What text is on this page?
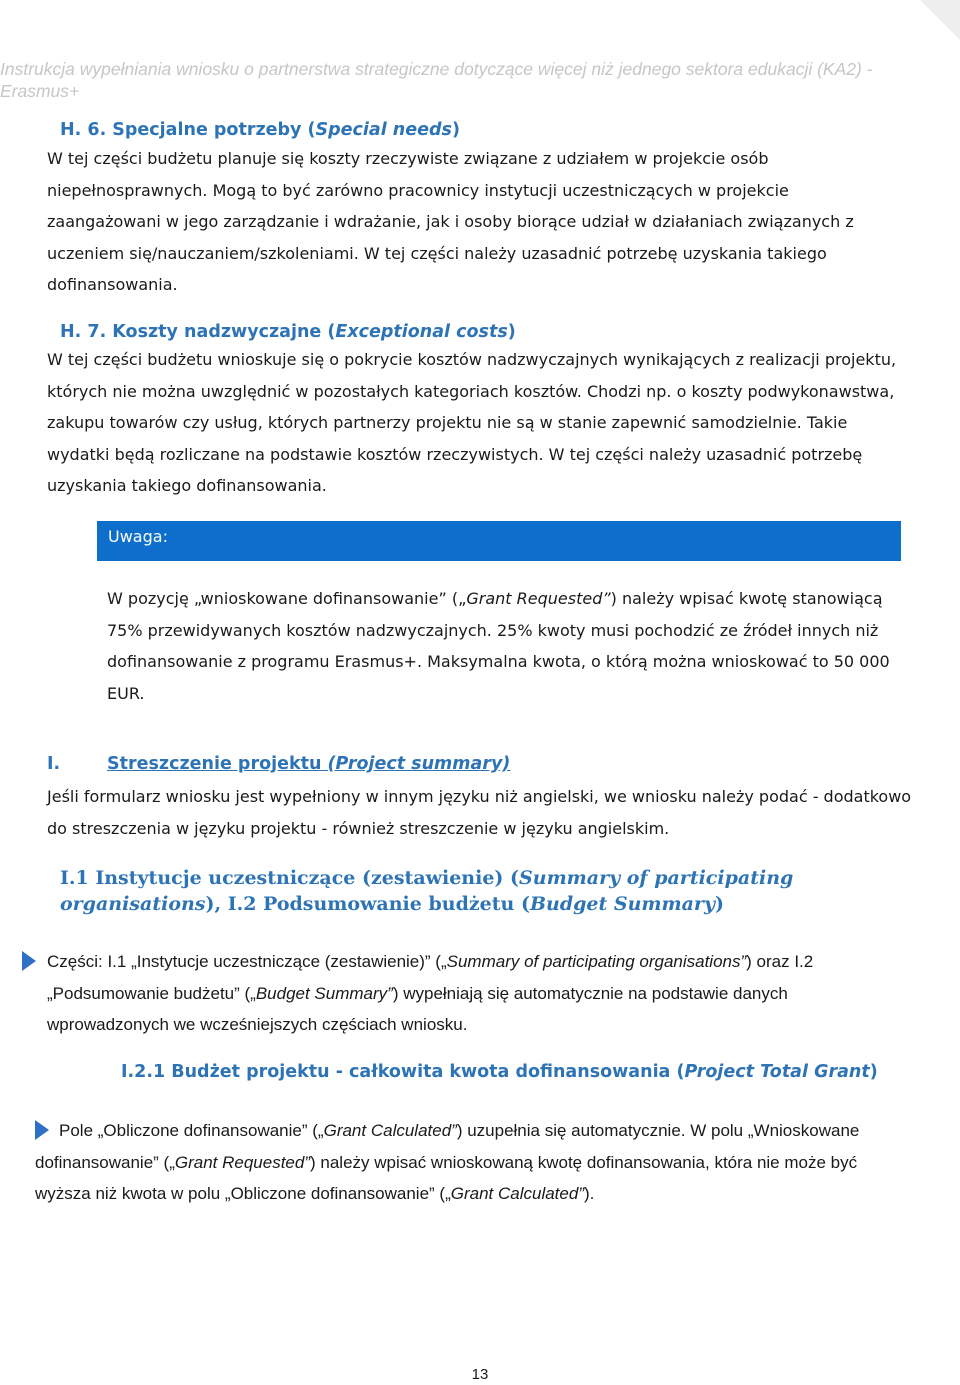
Instrukcja wypełniania wniosku o partnerstwa strategiczne dotyczące więcej niż jednego sektora edukacji (KA2) - Erasmus+
H. 6. Specjalne potrzeby (Special needs)

W tej części budżetu planuje się koszty rzeczywiste związane z udziałem w projekcie osób niepełnosprawnych. Mogą to być zarówno pracownicy instytucji uczestniczących w projekcie zaangażowani w jego zarządzanie i wdrażanie, jak i osoby biorące udział w działaniach związanych z uczeniem się/nauczaniem/szkoleniami. W tej części należy uzasadnić potrzebę uzyskania takiego dofinansowania.

H. 7. Koszty nadzwyczajne (Exceptional costs)

W tej części budżetu wnioskuje się o pokrycie kosztów nadzwyczajnych wynikających z realizacji projektu, których nie można uwzględnić w pozostałych kategoriach kosztów. Chodzi np. o koszty podwykonawstwa, zakupu towarów czy usług, których partnerzy projektu nie są w stanie zapewnić samodzielnie. Takie wydatki będą rozliczane na podstawie kosztów rzeczywistych. W tej części należy uzasadnić potrzebę uzyskania takiego dofinansowania.

Uwaga:

W pozycję „wnioskowane dofinansowanie” („Grant Requested”) należy wpisać kwotę stanowiącą 75% przewidywanych kosztów nadzwyczajnych. 25% kwoty musi pochodzić ze źródeł innych niż dofinansowanie z programu Erasmus+. Maksymalna kwota, o którą można wnioskować to 50 000 EUR.

I.	Streszczenie projektu (Project summary)

Jeśli formularz wniosku jest wypełniony w innym języku niż angielski, we wniosku należy podać - dodatkowo do streszczenia w języku projektu - również streszczenie w języku angielskim.

I.1 Instytucje uczestniczące (zestawienie) (Summary of participating organisations), I.2 Podsumowanie budżetu (Budget Summary)

Części: I.1 „Instytucje uczestniczące (zestawienie)” („Summary of participating organisations”) oraz I.2 „Podsumowanie budżetu” („Budget Summary”) wypełniają się automatycznie na podstawie danych wprowadzonych we wcześniejszych częściach wniosku.

I.2.1 Budżet projektu - całkowita kwota dofinansowania (Project Total Grant)

Pole „Obliczone dofinansowanie” („Grant Calculated”) uzupełnia się automatycznie. W polu „Wnioskowane dofinansowanie” („Grant Requested”) należy wpisać wnioskowaną kwotę dofinansowania, która nie może być wyższa niż kwota w polu „Obliczone dofinansowanie” („Grant Calculated”).

13
